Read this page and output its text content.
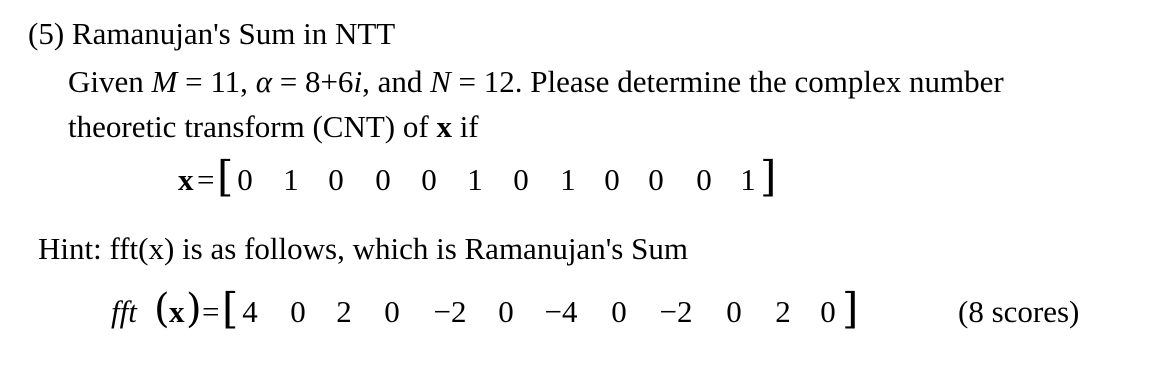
(5) Ramanujan's Sum in NTT
Given M = 11, α = 8+6i, and N = 12. Please determine the complex number
theoretic transform (CNT) of x if
x = [ 0 1 0	0 0 1 0	1 0 0	0 1 ]
Hint: fft(x) is as follows, which is Ramanujan's Sum
fft ( x ) = [ 4	0 2	0	−2	0 −4	0	−2	0	2 0 ]	(8 scores)
